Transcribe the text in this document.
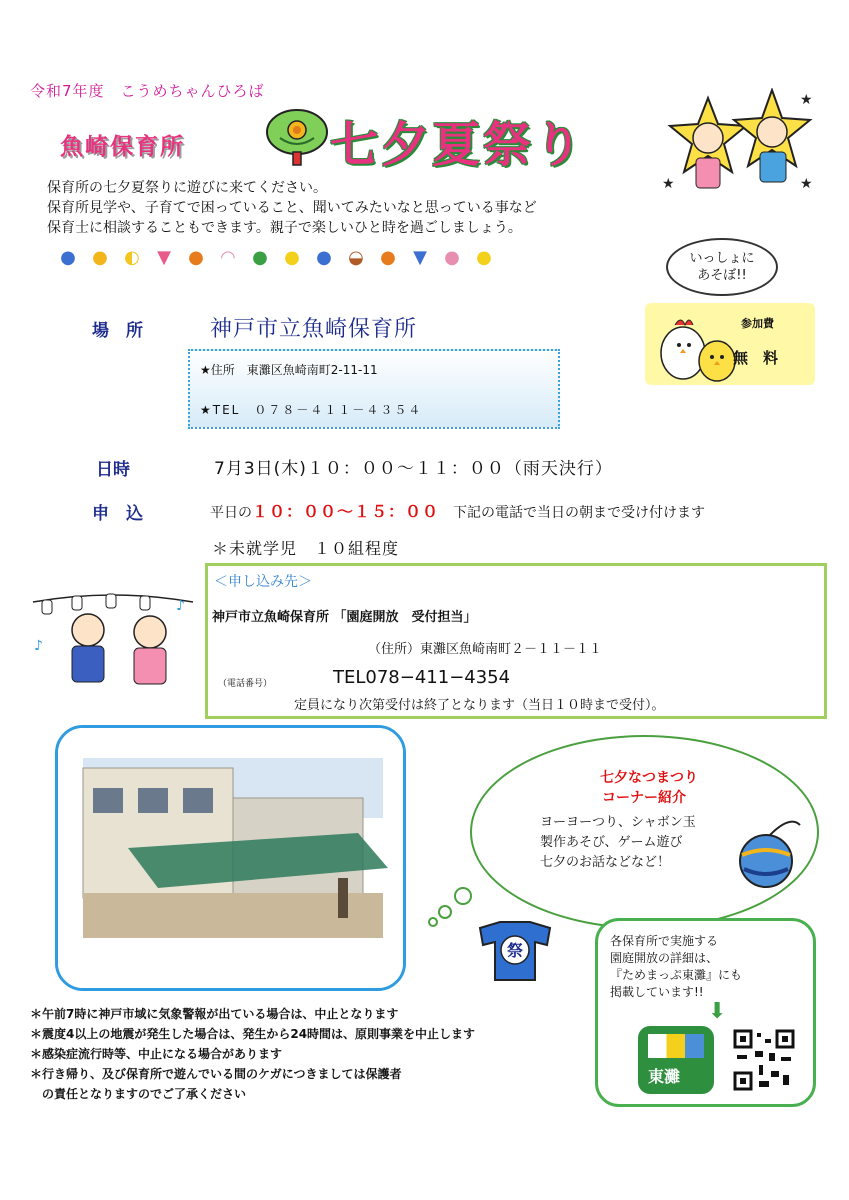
令和7年度　こうめちゃんひろば
魚崎保育所	七夕夏祭り
★	★
★
保育所の七夕夏祭りに遊びに来てください。
保育所見学や、子育てで困っていること、聞いてみたいなと思っている事など
保育士に相談することもできます。親子で楽しいひと時を過ごしましょう。
● ● ◐ ▼ ● ◠ ● ● ● ◒ ● ▼ ● ●	いっしょに
あそぼ!!
参加費
無　料
場　所	神戸市立魚崎保育所
★住所　東灘区魚崎南町2-11-11
★TEL　０７８－４１１－４３５４
日時	7月3日(木)１０：００～１１：００（雨天決行）
申　込	平日の１０：００～１５：００　 下記の電話で当日の朝まで受け付けます
＊未就学児　１０組程度
＜申し込み先＞
神戸市立魚崎保育所 「園庭開放　受付担当」
（住所）東灘区魚崎南町２－１１－１１
（電話番号）	TEL078−411−4354
定員になり次第受付は終了となります（当日１０時まで受付）。
♪
♪
七夕なつまつり
コーナー紹介
ヨーヨーつり、シャボン玉
製作あそび、ゲーム遊び
七夕のお話などなど！
祭
＊午前7時に神戸市域に気象警報が出ている場合は、中止となります
＊震度4以上の地震が発生した場合は、発生から24時間は、原則事業を中止します
＊感染症流行時等、中止になる場合があります
＊行き帰り、及び保育所で遊んでいる間のケガにつきましては保護者
　の責任となりますのでご了承ください
各保育所で実施する
園庭開放の詳細は、
『ためまっぷ東灘』にも
掲載しています!!
⬇
東灘
